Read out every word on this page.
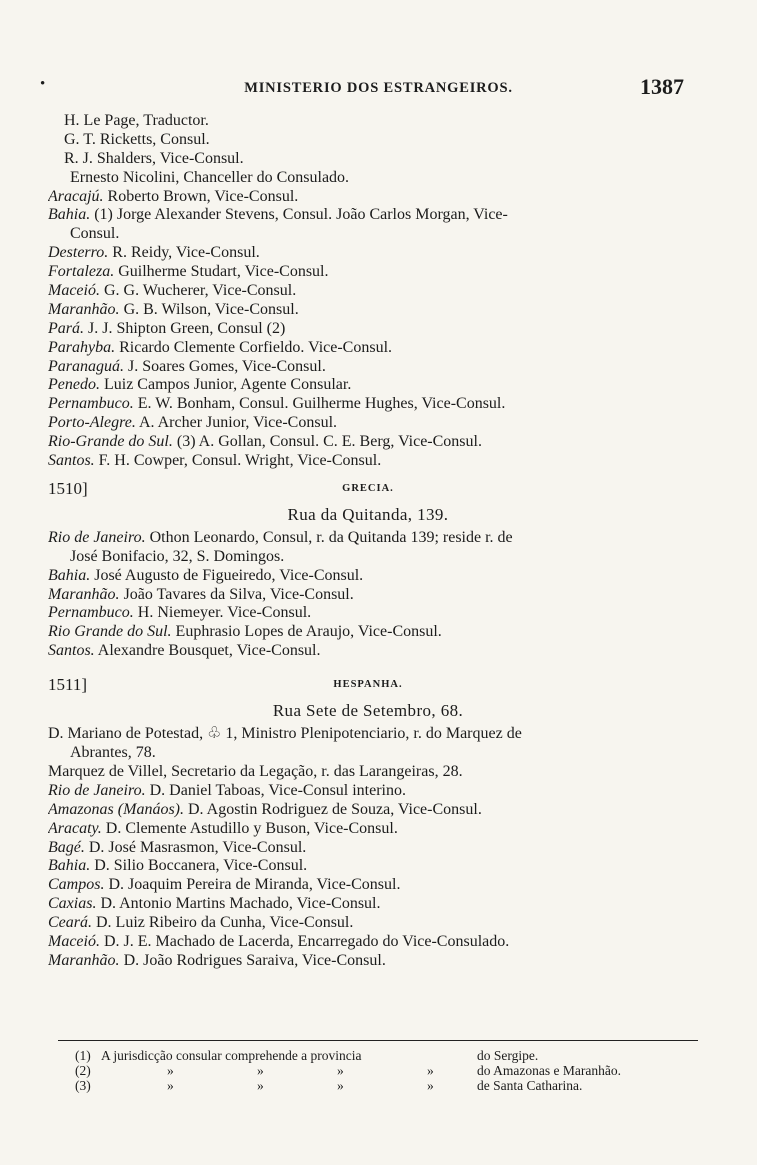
•	MINISTERIO DOS ESTRANGEIROS.	1387
H. Le Page, Traductor.
G. T. Ricketts, Consul.
R. J. Shalders, Vice-Consul.
Ernesto Nicolini, Chanceller do Consulado.
Aracajú. Roberto Brown, Vice-Consul.
Bahia. (1) Jorge Alexander Stevens, Consul. João Carlos Morgan, Vice-
Consul.
Desterro. R. Reidy, Vice-Consul.
Fortaleza. Guilherme Studart, Vice-Consul.
Maceió. G. G. Wucherer, Vice-Consul.
Maranhão. G. B. Wilson, Vice-Consul.
Pará. J. J. Shipton Green, Consul (2)
Parahyba. Ricardo Clemente Corfieldo. Vice-Consul.
Paranaguá. J. Soares Gomes, Vice-Consul.
Penedo. Luiz Campos Junior, Agente Consular.
Pernambuco. E. W. Bonham, Consul. Guilherme Hughes, Vice-Consul.
Porto-Alegre. A. Archer Junior, Vice-Consul.
Rio-Grande do Sul. (3) A. Gollan, Consul. C. E. Berg, Vice-Consul.
Santos. F. H. Cowper, Consul. Wright, Vice-Consul.
1510]	GRECIA.
Rua da Quitanda, 139.
Rio de Janeiro. Othon Leonardo, Consul, r. da Quitanda 139; reside r. de
José Bonifacio, 32, S. Domingos.
Bahia. José Augusto de Figueiredo, Vice-Consul.
Maranhão. João Tavares da Silva, Vice-Consul.
Pernambuco. H. Niemeyer. Vice-Consul.
Rio Grande do Sul. Euphrasio Lopes de Araujo, Vice-Consul.
Santos. Alexandre Bousquet, Vice-Consul.
1511]	HESPANHA.
Rua Sete de Setembro, 68.
D. Mariano de Potestad, ♧ 1, Ministro Plenipotenciario, r. do Marquez de
Abrantes, 78.
Marquez de Villel, Secretario da Legação, r. das Larangeiras, 28.
Rio de Janeiro. D. Daniel Taboas, Vice-Consul interino.
Amazonas (Manáos). D. Agostin Rodriguez de Souza, Vice-Consul.
Aracaty. D. Clemente Astudillo y Buson, Vice-Consul.
Bagé. D. José Masrasmon, Vice-Consul.
Bahia. D. Silio Boccanera, Vice-Consul.
Campos. D. Joaquim Pereira de Miranda, Vice-Consul.
Caxias. D. Antonio Martins Machado, Vice-Consul.
Ceará. D. Luiz Ribeiro da Cunha, Vice-Consul.
Maceió. D. J. E. Machado de Lacerda, Encarregado do Vice-Consulado.
Maranhão. D. João Rodrigues Saraiva, Vice-Consul.
(1) A jurisdicção consular comprehende a provincia	do Sergipe.
(2)	»	»	»	»	do Amazonas e Maranhão.
(3)	»	»	»	»	de Santa Catharina.
